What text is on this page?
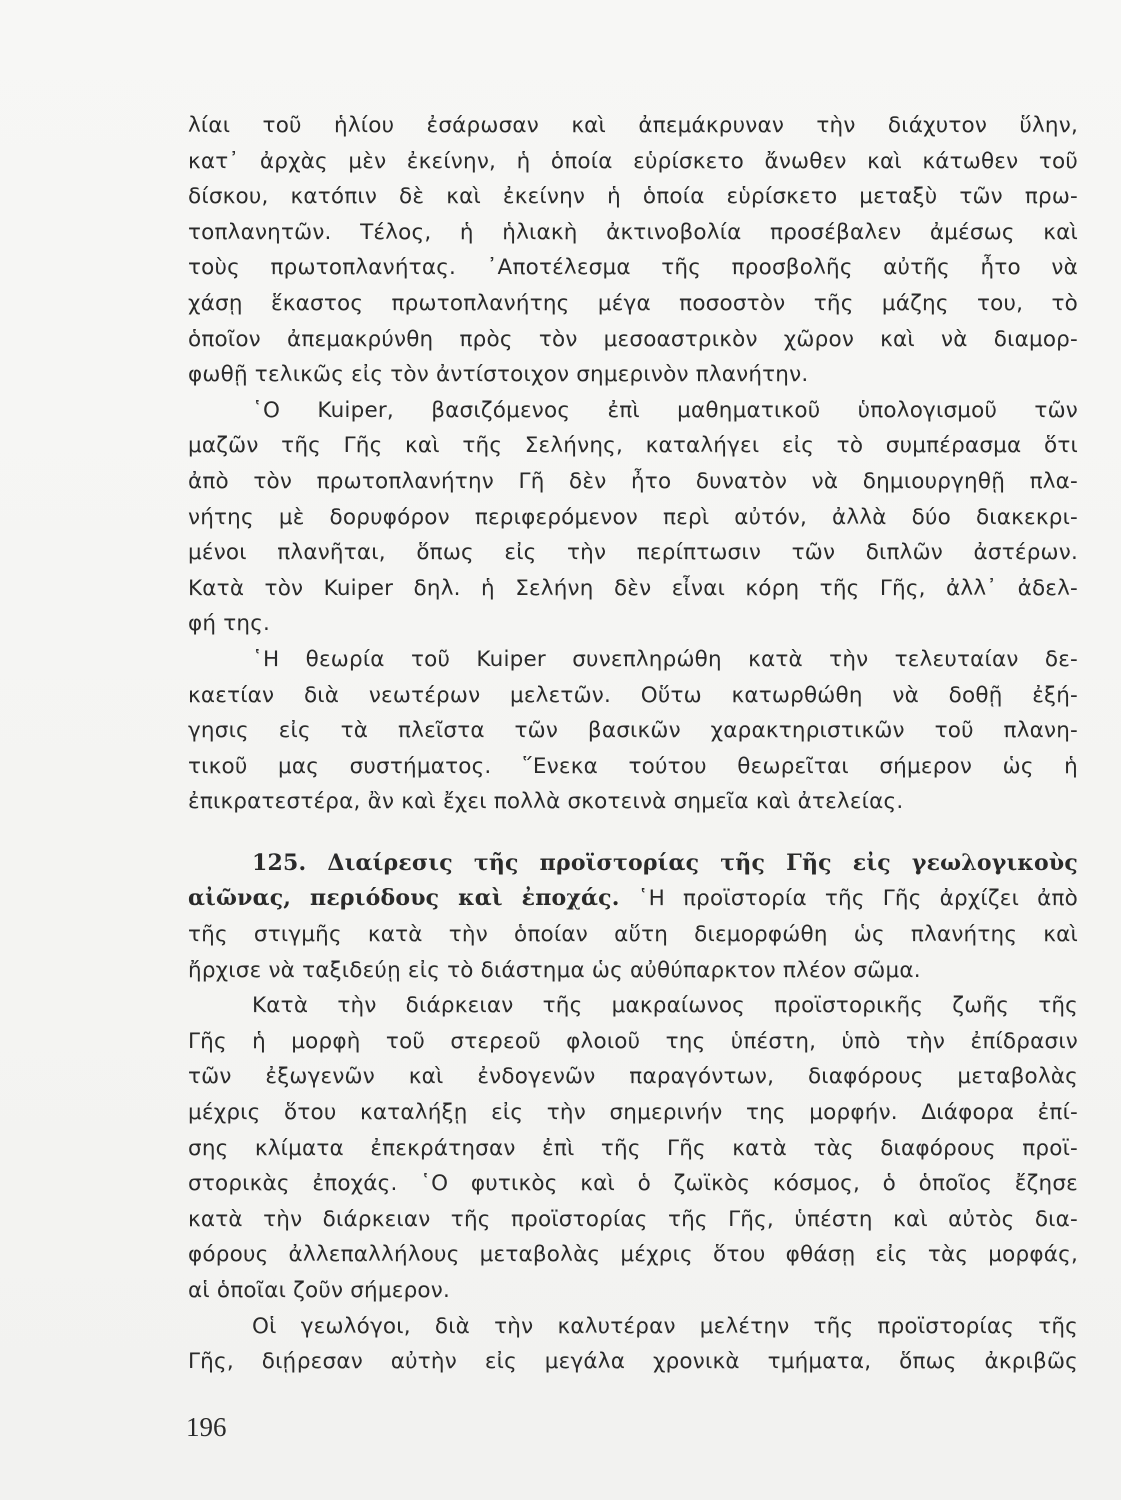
λίαι τοῦ ἡλίου ἐσάρωσαν καὶ ἀπεμάκρυναν τὴν διάχυτον ὕλην,
κατ᾽ ἀρχὰς μὲν ἐκείνην, ἡ ὁποία εὑρίσκετο ἄνωθεν καὶ κάτωθεν τοῦ
δίσκου, κατόπιν δὲ καὶ ἐκείνην ἡ ὁποία εὑρίσκετο μεταξὺ τῶν πρω-
τοπλανητῶν. Τέλος, ἡ ἡλιακὴ ἀκτινοβολία προσέβαλεν ἀμέσως καὶ
τοὺς πρωτοπλανήτας. ᾿Αποτέλεσμα τῆς προσβολῆς αὐτῆς ἦτο νὰ
χάσῃ ἕκαστος πρωτοπλανήτης μέγα ποσοστὸν τῆς μάζης του, τὸ
ὁποῖον ἀπεμακρύνθη πρὸς τὸν μεσοαστρικὸν χῶρον καὶ νὰ διαμορ-
φωθῇ τελικῶς εἰς τὸν ἀντίστοιχον σημερινὸν πλανήτην.
῾Ο Kuiper, βασιζόμενος ἐπὶ μαθηματικοῦ ὑπολογισμοῦ τῶν
μαζῶν τῆς Γῆς καὶ τῆς Σελήνης, καταλήγει εἰς τὸ συμπέρασμα ὅτι
ἀπὸ τὸν πρωτοπλανήτην Γῆ δὲν ἦτο δυνατὸν νὰ δημιουργηθῇ πλα-
νήτης μὲ δορυφόρον περιφερόμενον περὶ αὐτόν, ἀλλὰ δύο διακεκρι-
μένοι πλανῆται, ὅπως εἰς τὴν περίπτωσιν τῶν διπλῶν ἀστέρων.
Κατὰ τὸν Kuiper δηλ. ἡ Σελήνη δὲν εἶναι κόρη τῆς Γῆς, ἀλλ᾽ ἀδελ-
φή της.
῾Η θεωρία τοῦ Kuiper συνεπληρώθη κατὰ τὴν τελευταίαν δε-
καετίαν διὰ νεωτέρων μελετῶν. Οὕτω κατωρθώθη νὰ δοθῇ ἐξή-
γησις εἰς τὰ πλεῖστα τῶν βασικῶν χαρακτηριστικῶν τοῦ πλανη-
τικοῦ μας συστήματος. ῞Ενεκα τούτου θεωρεῖται σήμερον ὡς ἡ
ἐπικρατεστέρα, ἂν καὶ ἔχει πολλὰ σκοτεινὰ σημεῖα καὶ ἀτελείας.
125. Διαίρεσις τῆς προϊστορίας τῆς Γῆς εἰς γεωλογικοὺς
αἰῶνας, περιόδους καὶ ἐποχάς. ῾Η προϊστορία τῆς Γῆς ἀρχίζει ἀπὸ
τῆς στιγμῆς κατὰ τὴν ὁποίαν αὕτη διεμορφώθη ὡς πλανήτης καὶ
ἤρχισε νὰ ταξιδεύῃ εἰς τὸ διάστημα ὡς αὐθύπαρκτον πλέον σῶμα.
Κατὰ τὴν διάρκειαν τῆς μακραίωνος προϊστορικῆς ζωῆς τῆς
Γῆς ἡ μορφὴ τοῦ στερεοῦ φλοιοῦ της ὑπέστη, ὑπὸ τὴν ἐπίδρασιν
τῶν ἐξωγενῶν καὶ ἐνδογενῶν παραγόντων, διαφόρους μεταβολὰς
μέχρις ὅτου καταλήξῃ εἰς τὴν σημερινήν της μορφήν. Διάφορα ἐπί-
σης κλίματα ἐπεκράτησαν ἐπὶ τῆς Γῆς κατὰ τὰς διαφόρους προϊ-
στορικὰς ἐποχάς. ῾Ο φυτικὸς καὶ ὁ ζωϊκὸς κόσμος, ὁ ὁποῖος ἔζησε
κατὰ τὴν διάρκειαν τῆς προϊστορίας τῆς Γῆς, ὑπέστη καὶ αὐτὸς δια-
φόρους ἀλλεπαλλήλους μεταβολὰς μέχρις ὅτου φθάσῃ εἰς τὰς μορφάς,
αἱ ὁποῖαι ζοῦν σήμερον.
Οἱ γεωλόγοι, διὰ τὴν καλυτέραν μελέτην τῆς προϊστορίας τῆς
Γῆς, διῄρεσαν αὐτὴν εἰς μεγάλα χρονικὰ τμήματα, ὅπως ἀκριβῶς
196
